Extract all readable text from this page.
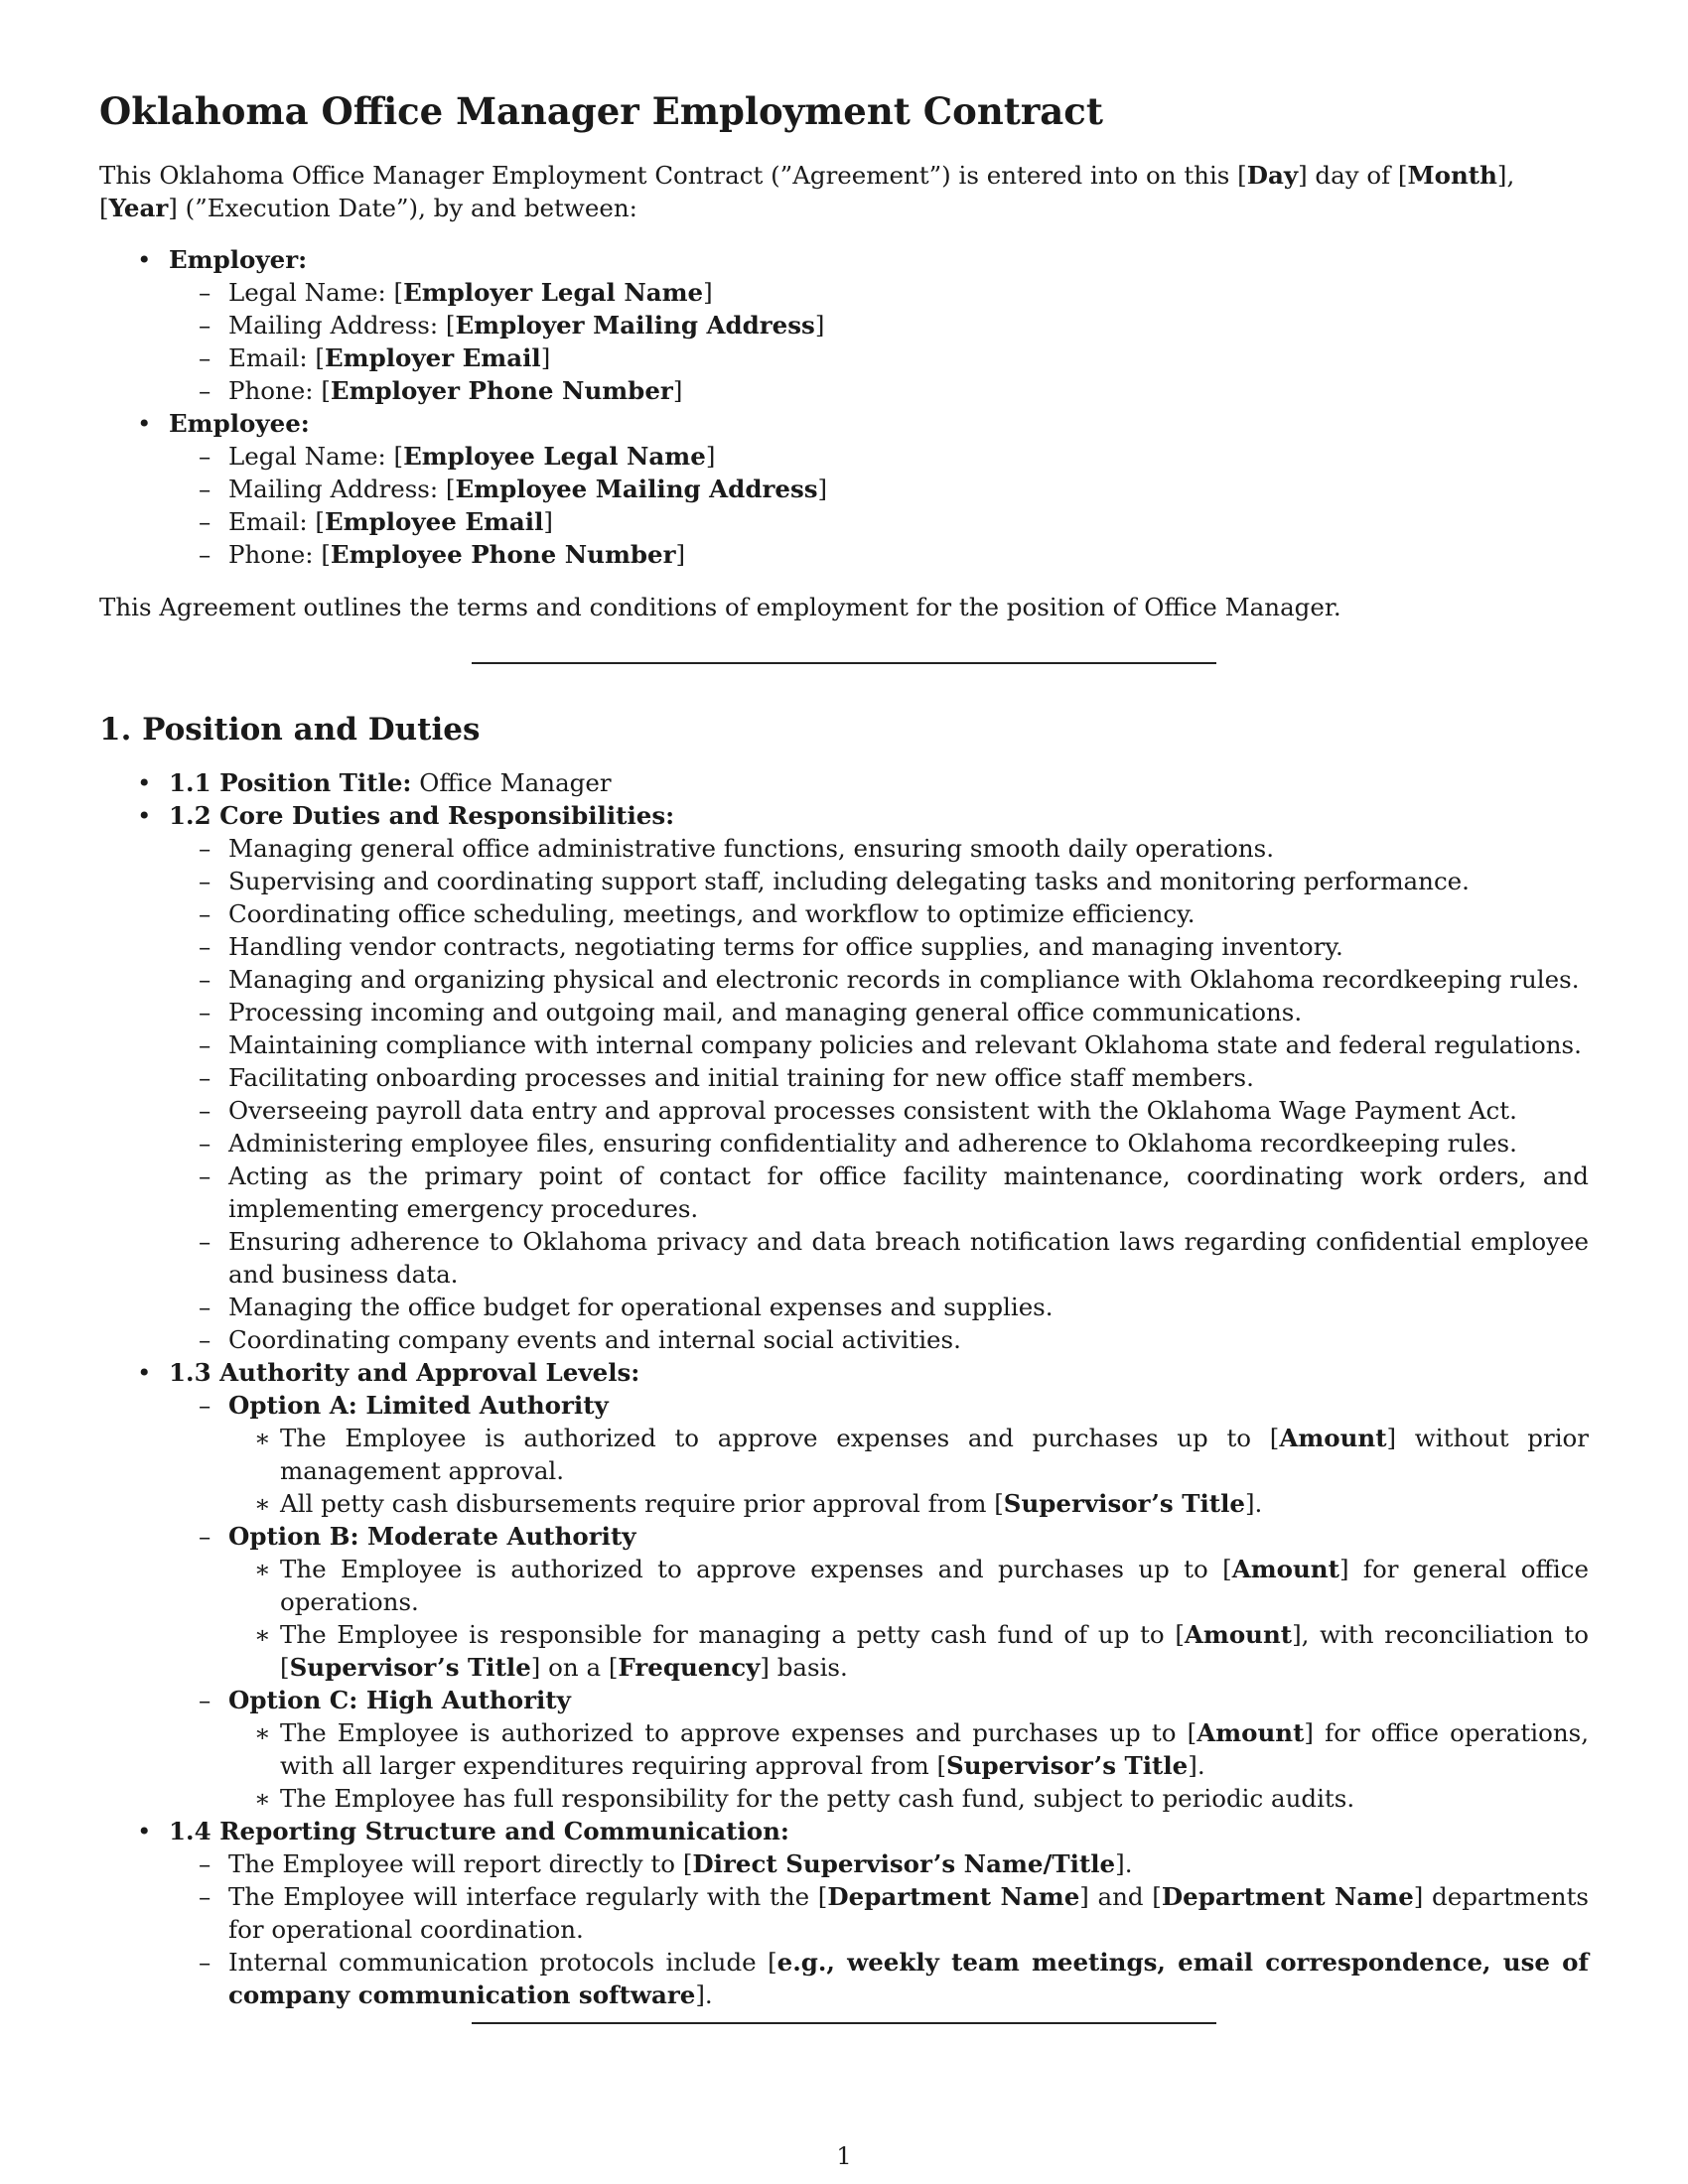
Oklahoma Office Manager Employment Contract

This Oklahoma Office Manager Employment Contract (”Agreement”) is entered into on this [Day] day of [Month], [Year] (”Execution Date”), by and between:

• Employer:
– Legal Name: [Employer Legal Name]
– Mailing Address: [Employer Mailing Address]
– Email: [Employer Email]
– Phone: [Employer Phone Number]
• Employee:
– Legal Name: [Employee Legal Name]
– Mailing Address: [Employee Mailing Address]
– Email: [Employee Email]
– Phone: [Employee Phone Number]

This Agreement outlines the terms and conditions of employment for the position of Office Manager.

1. Position and Duties
• 1.1 Position Title: Office Manager
• 1.2 Core Duties and Responsibilities:
– Managing general office administrative functions, ensuring smooth daily operations.
– Supervising and coordinating support staff, including delegating tasks and monitoring performance.
– Coordinating office scheduling, meetings, and workflow to optimize efficiency.
– Handling vendor contracts, negotiating terms for office supplies, and managing inventory.
– Managing and organizing physical and electronic records in compliance with Oklahoma recordkeeping rules.
– Processing incoming and outgoing mail, and managing general office communications.
– Maintaining compliance with internal company policies and relevant Oklahoma state and federal regulations.
– Facilitating onboarding processes and initial training for new office staff members.
– Overseeing payroll data entry and approval processes consistent with the Oklahoma Wage Payment Act.
– Administering employee files, ensuring confidentiality and adherence to Oklahoma recordkeeping rules.
– Acting as the primary point of contact for office facility maintenance, coordinating work orders, and implementing emergency procedures.
– Ensuring adherence to Oklahoma privacy and data breach notification laws regarding confidential employee and business data.
– Managing the office budget for operational expenses and supplies.
– Coordinating company events and internal social activities.
• 1.3 Authority and Approval Levels:
– Option A: Limited Authority
∗ The Employee is authorized to approve expenses and purchases up to [Amount] without prior management approval.
∗ All petty cash disbursements require prior approval from [Supervisor’s Title].
– Option B: Moderate Authority
∗ The Employee is authorized to approve expenses and purchases up to [Amount] for general office operations.
∗ The Employee is responsible for managing a petty cash fund of up to [Amount], with reconciliation to [Supervisor’s Title] on a [Frequency] basis.
– Option C: High Authority
∗ The Employee is authorized to approve expenses and purchases up to [Amount] for office operations, with all larger expenditures requiring approval from [Supervisor’s Title].
∗ The Employee has full responsibility for the petty cash fund, subject to periodic audits.
• 1.4 Reporting Structure and Communication:
– The Employee will report directly to [Direct Supervisor’s Name/Title].
– The Employee will interface regularly with the [Department Name] and [Department Name] departments for operational coordination.
– Internal communication protocols include [e.g., weekly team meetings, email correspondence, use of company communication software].
1
